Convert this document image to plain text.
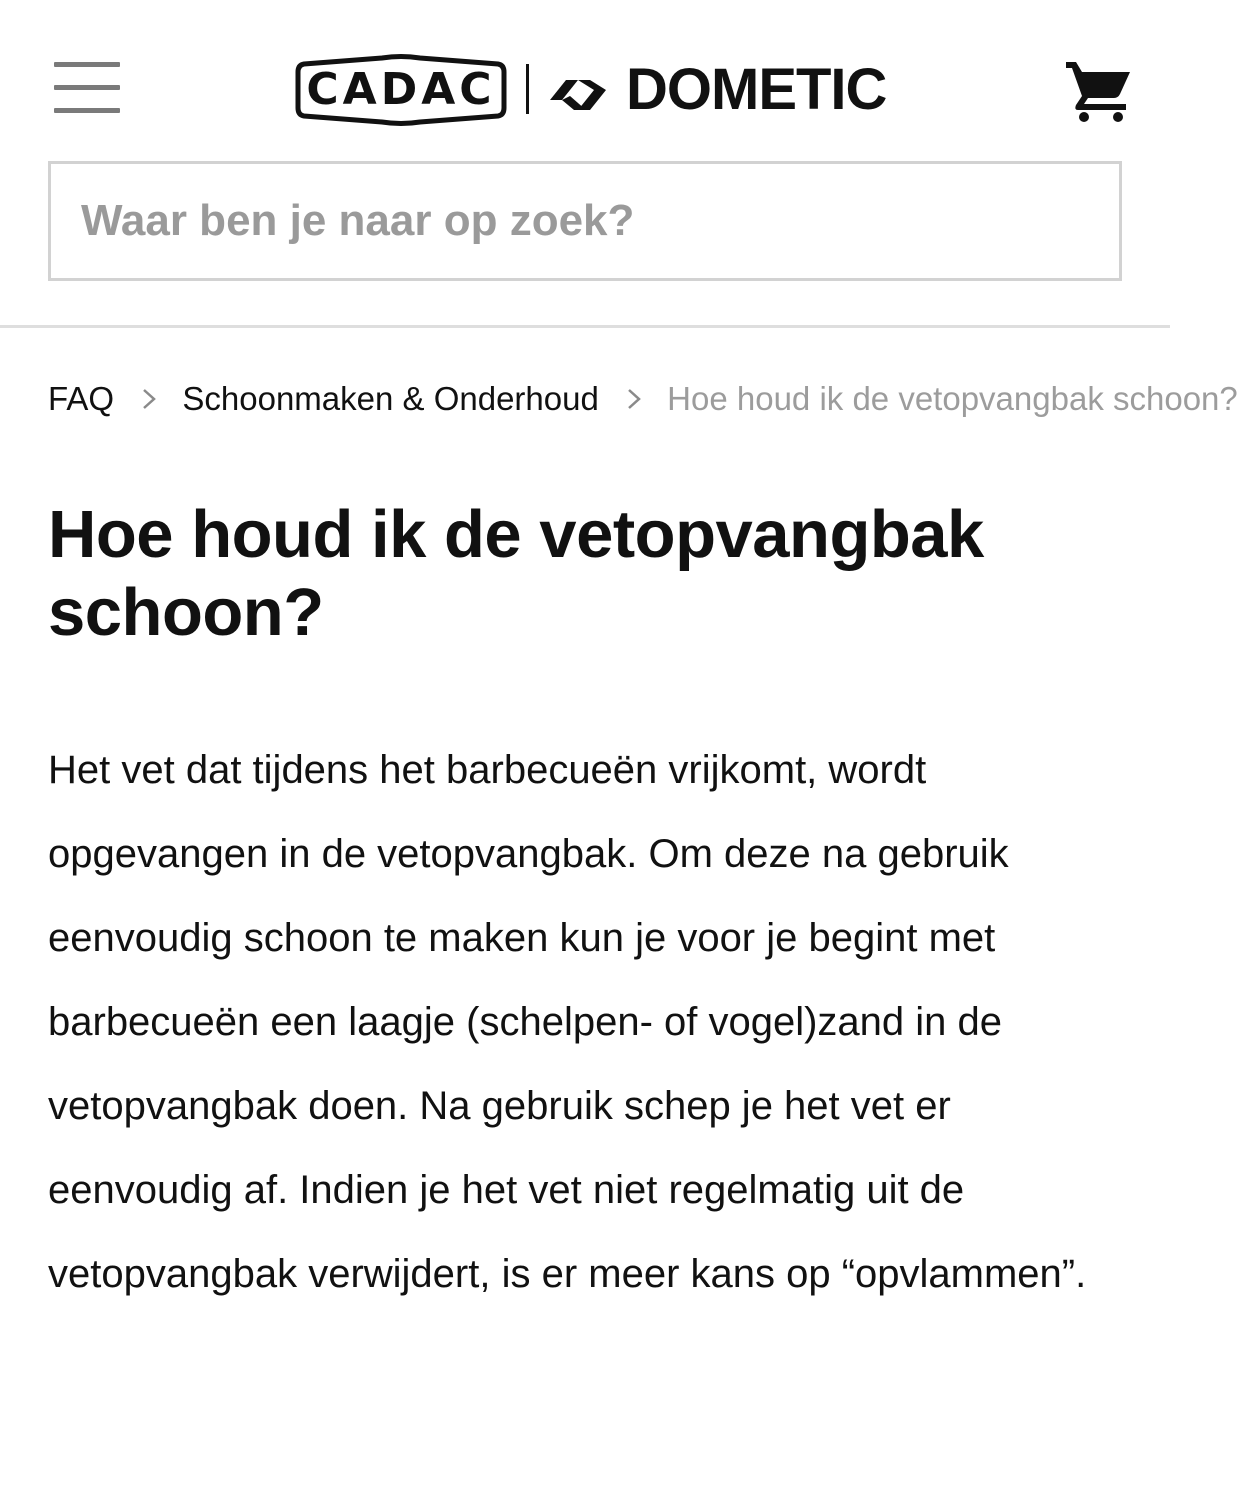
CADAC DOMETIC
Waar ben je naar op zoek?
FAQ Schoonmaken & Onderhoud Hoe houd ik de vetopvangbak schoon?
Hoe houd ik de vetopvangbak schoon?

Het vet dat tijdens het barbecueën vrijkomt, wordt opgevangen in de vetopvangbak. Om deze na gebruik eenvoudig schoon te maken kun je voor je begint met barbecueën een laagje (schelpen- of vogel)zand in de vetopvangbak doen. Na gebruik schep je het vet er eenvoudig af. Indien je het vet niet regelmatig uit de vetopvangbak verwijdert, is er meer kans op “opvlammen”.
